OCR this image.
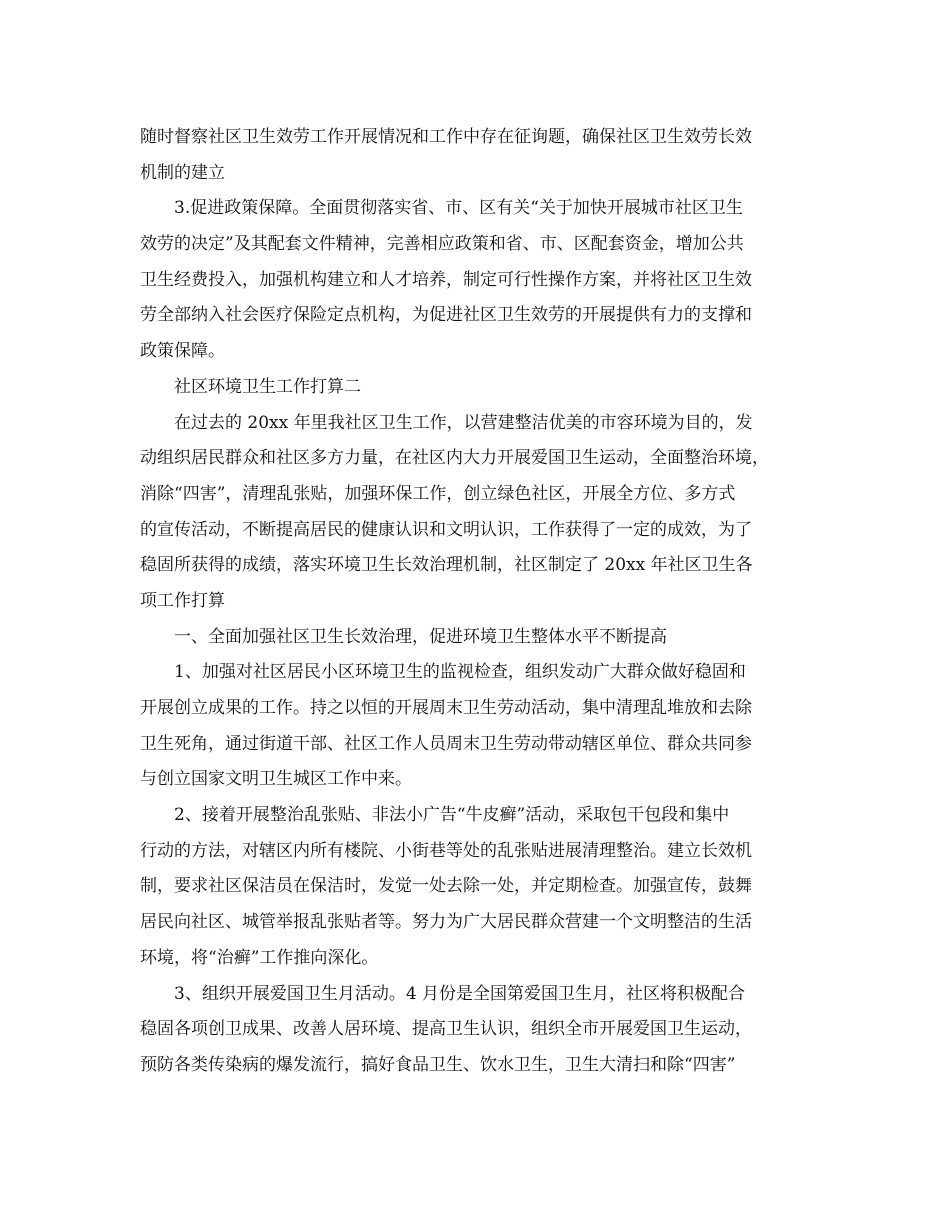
随时督察社区卫生效劳工作开展情况和工作中存在征询题，确保社区卫生效劳长效
机制的建立
3.促进政策保障。全面贯彻落实省、市、区有关“关于加快开展城市社区卫生
效劳的决定”及其配套文件精神，完善相应政策和省、市、区配套资金，增加公共
卫生经费投入，加强机构建立和人才培养，制定可行性操作方案，并将社区卫生效
劳全部纳入社会医疗保险定点机构，为促进社区卫生效劳的开展提供有力的支撑和
政策保障。
社区环境卫生工作打算二
在过去的 20xx 年里我社区卫生工作，以营建整洁优美的市容环境为目的，发
动组织居民群众和社区多方力量，在社区内大力开展爱国卫生运动，全面整治环境，
消除“四害”，清理乱张贴，加强环保工作，创立绿色社区，开展全方位、多方式
的宣传活动，不断提高居民的健康认识和文明认识，工作获得了一定的成效，为了
稳固所获得的成绩，落实环境卫生长效治理机制，社区制定了 20xx 年社区卫生各
项工作打算
一、全面加强社区卫生长效治理，促进环境卫生整体水平不断提高
1、加强对社区居民小区环境卫生的监视检查，组织发动广大群众做好稳固和
开展创立成果的工作。持之以恒的开展周末卫生劳动活动，集中清理乱堆放和去除
卫生死角，通过街道干部、社区工作人员周末卫生劳动带动辖区单位、群众共同参
与创立国家文明卫生城区工作中来。
2、接着开展整治乱张贴、非法小广告“牛皮癣”活动，采取包干包段和集中
行动的方法，对辖区内所有楼院、小街巷等处的乱张贴进展清理整治。建立长效机
制，要求社区保洁员在保洁时，发觉一处去除一处，并定期检查。加强宣传，鼓舞
居民向社区、城管举报乱张贴者等。努力为广大居民群众营建一个文明整洁的生活
环境，将“治癣”工作推向深化。
3、组织开展爱国卫生月活动。4 月份是全国第爱国卫生月，社区将积极配合
稳固各项创卫成果、改善人居环境、提高卫生认识，组织全市开展爱国卫生运动，
预防各类传染病的爆发流行，搞好食品卫生、饮水卫生，卫生大清扫和除“四害”
